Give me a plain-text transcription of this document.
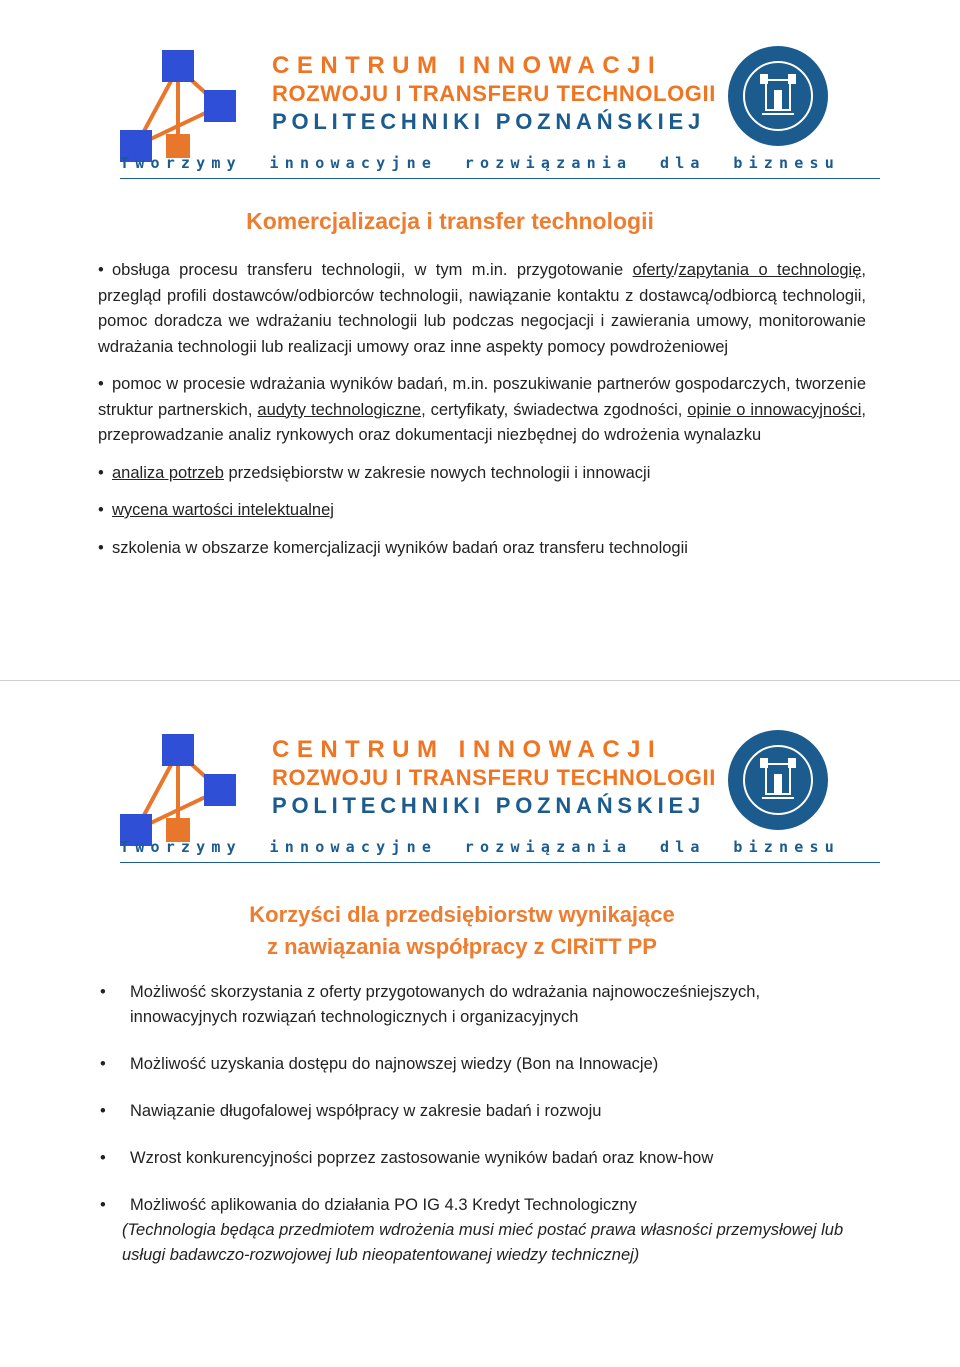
CENTRUM INNOWACJI
ROZWOJU I TRANSFERU TECHNOLOGII
POLITECHNIKI POZNAŃSKIEJ
Tworzymy innowacyjne rozwiązania dla biznesu
Komercjalizacja i transfer technologii

• obsługa procesu transferu technologii, w tym m.in. przygotowanie oferty/zapytania o technologię, przegląd profili dostawców/odbiorców technologii, nawiązanie kontaktu z dostawcą/odbiorcą technologii, pomoc doradcza we wdrażaniu technologii lub podczas negocjacji i zawierania umowy, monitorowanie wdrażania technologii lub realizacji umowy oraz inne aspekty pomocy powdrożeniowej

• pomoc w procesie wdrażania wyników badań, m.in. poszukiwanie partnerów gospodarczych, tworzenie struktur partnerskich, audyty technologiczne, certyfikaty, świadectwa zgodności, opinie o innowacyjności, przeprowadzanie analiz rynkowych oraz dokumentacji niezbędnej do wdrożenia wynalazku

• analiza potrzeb przedsiębiorstw w zakresie nowych technologii i innowacji

• wycena wartości intelektualnej

• szkolenia w obszarze komercjalizacji wyników badań oraz transferu technologii

CENTRUM INNOWACJI
ROZWOJU I TRANSFERU TECHNOLOGII
POLITECHNIKI POZNAŃSKIEJ
Tworzymy innowacyjne rozwiązania dla biznesu
Korzyści dla przedsiębiorstw wynikające
z nawiązania współpracy z CIRiTT PP
• Możliwość skorzystania z oferty przygotowanych do wdrażania najnowocześniejszych, innowacyjnych rozwiązań technologicznych i organizacyjnych
• Możliwość uzyskania dostępu do najnowszej wiedzy (Bon na Innowacje)
• Nawiązanie długofalowej współpracy w zakresie badań i rozwoju
• Wzrost konkurencyjności poprzez zastosowanie wyników badań oraz know-how
• Możliwość aplikowania do działania PO IG 4.3 Kredyt Technologiczny
(Technologia będąca przedmiotem wdrożenia musi mieć postać prawa własności przemysłowej lub usługi badawczo-rozwojowej lub nieopatentowanej wiedzy technicznej)
